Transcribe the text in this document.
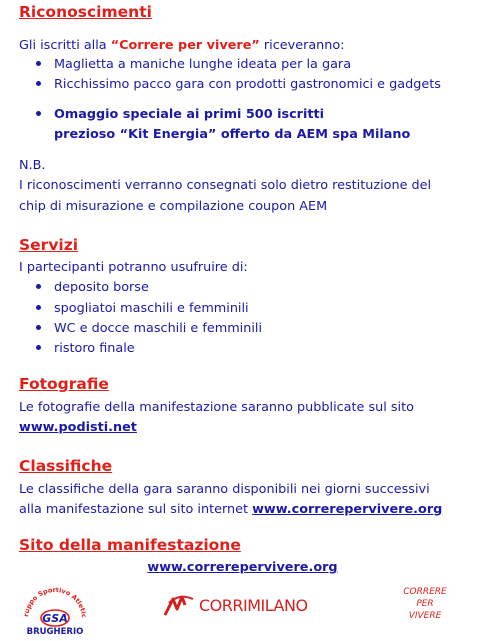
Riconoscimenti
Gli iscritti alla “Correre per vivere” riceveranno:
Maglietta a maniche lunghe ideata per la gara
Ricchissimo pacco gara con prodotti gastronomici e gadgets
Omaggio speciale ai primi 500 iscritti
prezioso “Kit Energia” offerto da AEM spa Milano
N.B.
I riconoscimenti verranno consegnati solo dietro restituzione del
chip di misurazione e compilazione coupon AEM
Servizi
I partecipanti potranno usufruire di:
deposito borse
spogliatoi maschili e femminili
WC e docce maschili e femminili
ristoro finale
Fotografie
Le fotografie della manifestazione saranno pubblicate sul sito
www.podisti.net
Classifiche
Le classifiche della gara saranno disponibili nei giorni successivi
alla manifestazione sul sito internet www.correrepervivere.org
Sito della manifestazione
www.correrepervivere.org
ruppo Sportivo Atletic
GSA
BRUGHERIO
CORRIMILANO
CORRERE
PER
VIVERE
